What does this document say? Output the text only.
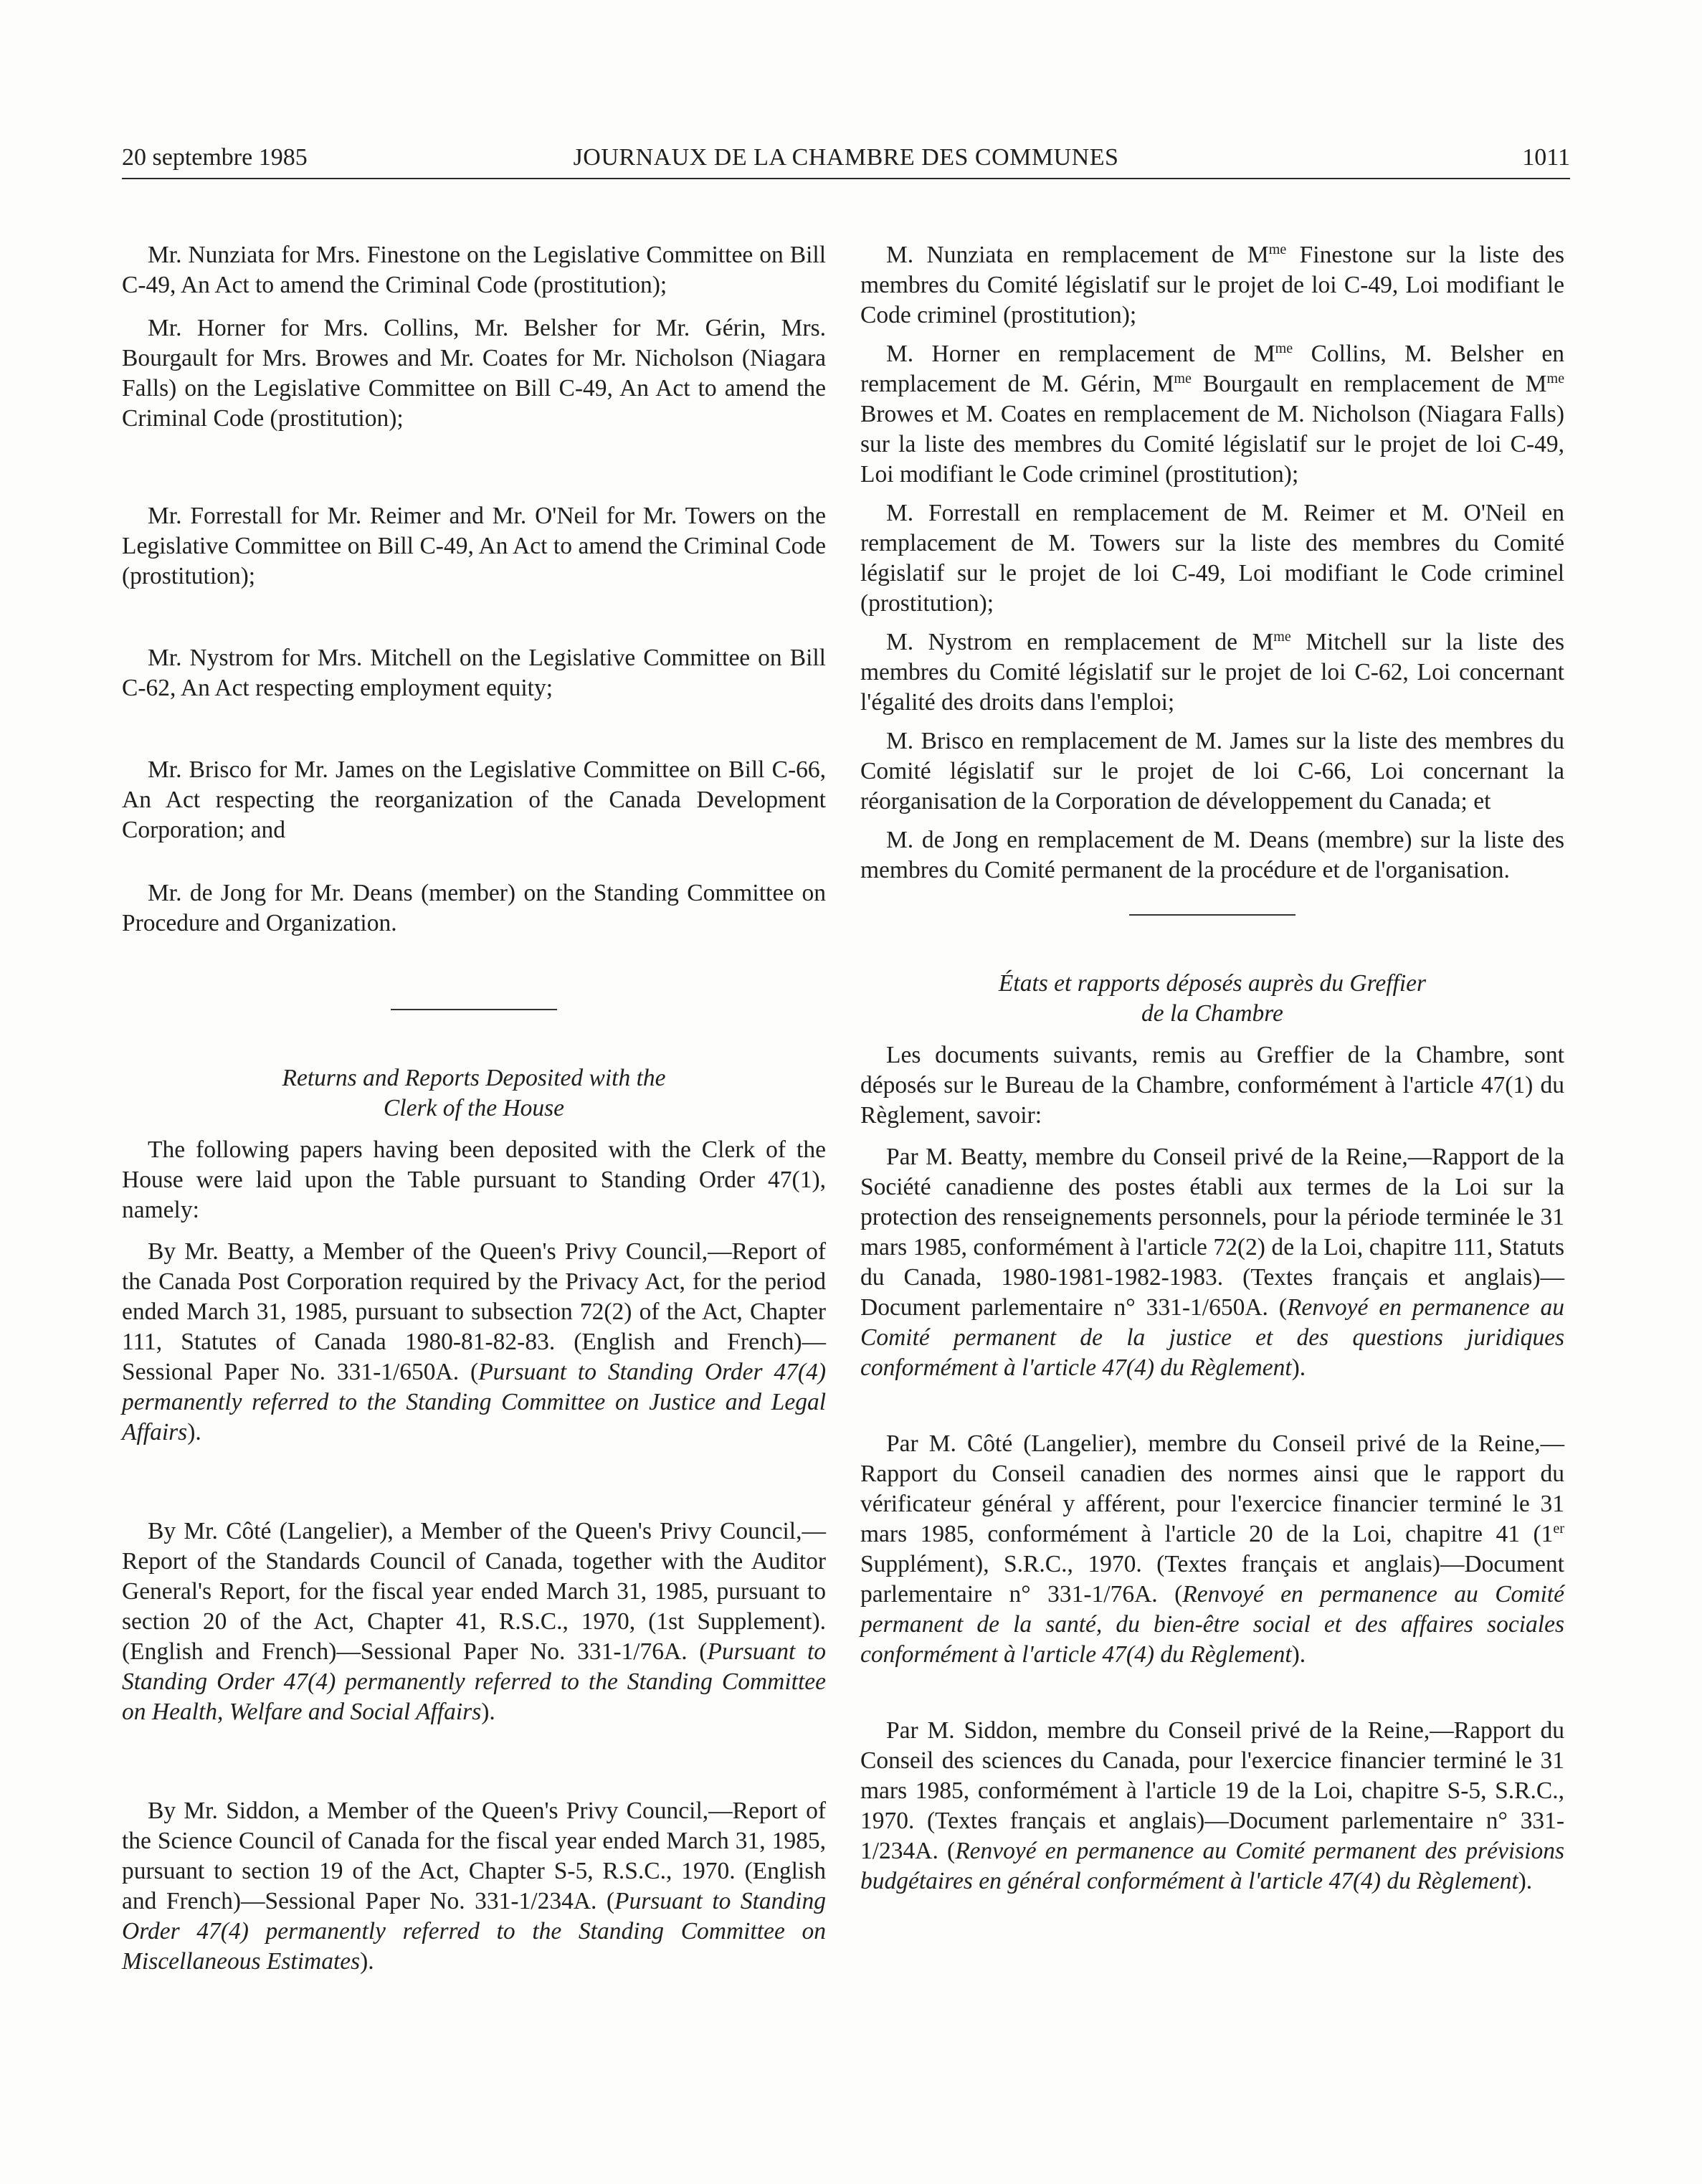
20 septembre 1985	JOURNAUX DE LA CHAMBRE DES COMMUNES	1011

Mr. Nunziata for Mrs. Finestone on the Legislative Committee on Bill C-49, An Act to amend the Criminal Code (prostitution);

Mr. Horner for Mrs. Collins, Mr. Belsher for Mr. Gérin, Mrs. Bourgault for Mrs. Browes and Mr. Coates for Mr. Nicholson (Niagara Falls) on the Legislative Committee on Bill C-49, An Act to amend the Criminal Code (prostitution);

Mr. Forrestall for Mr. Reimer and Mr. O'Neil for Mr. Towers on the Legislative Committee on Bill C-49, An Act to amend the Criminal Code (prostitution);

Mr. Nystrom for Mrs. Mitchell on the Legislative Committee on Bill C-62, An Act respecting employment equity;

Mr. Brisco for Mr. James on the Legislative Committee on Bill C-66, An Act respecting the reorganization of the Canada Development Corporation; and

Mr. de Jong for Mr. Deans (member) on the Standing Committee on Procedure and Organization.

Returns and Reports Deposited with the
Clerk of the House

The following papers having been deposited with the Clerk of the House were laid upon the Table pursuant to Standing Order 47(1), namely:

By Mr. Beatty, a Member of the Queen's Privy Council,—Report of the Canada Post Corporation required by the Privacy Act, for the period ended March 31, 1985, pursuant to subsection 72(2) of the Act, Chapter 111, Statutes of Canada 1980-81-82-83. (English and French)—Sessional Paper No. 331-1/650A. (Pursuant to Standing Order 47(4) permanently referred to the Standing Committee on Justice and Legal Affairs).

By Mr. Côté (Langelier), a Member of the Queen's Privy Council,—Report of the Standards Council of Canada, together with the Auditor General's Report, for the fiscal year ended March 31, 1985, pursuant to section 20 of the Act, Chapter 41, R.S.C., 1970, (1st Supplement). (English and French)—Sessional Paper No. 331-1/76A. (Pursuant to Standing Order 47(4) permanently referred to the Standing Committee on Health, Welfare and Social Affairs).

By Mr. Siddon, a Member of the Queen's Privy Council,—Report of the Science Council of Canada for the fiscal year ended March 31, 1985, pursuant to section 19 of the Act, Chapter S-5, R.S.C., 1970. (English and French)—Sessional Paper No. 331-1/234A. (Pursuant to Standing Order 47(4) permanently referred to the Standing Committee on Miscellaneous Estimates).

M. Nunziata en remplacement de $M^{me}$ Finestone sur la liste des membres du Comité législatif sur le projet de loi C-49, Loi modifiant le Code criminel (prostitution);

M. Horner en remplacement de $M^{me}$ Collins, M. Belsher en remplacement de M. Gérin, $M^{me}$ Bourgault en remplacement de $M^{me}$ Browes et M. Coates en remplacement de M. Nicholson (Niagara Falls) sur la liste des membres du Comité législatif sur le projet de loi C-49, Loi modifiant le Code criminel (prostitution);

M. Forrestall en remplacement de M. Reimer et M. O'Neil en remplacement de M. Towers sur la liste des membres du Comité législatif sur le projet de loi C-49, Loi modifiant le Code criminel (prostitution);

M. Nystrom en remplacement de $M^{me}$ Mitchell sur la liste des membres du Comité législatif sur le projet de loi C-62, Loi concernant l'égalité des droits dans l'emploi;

M. Brisco en remplacement de M. James sur la liste des membres du Comité législatif sur le projet de loi C-66, Loi concernant la réorganisation de la Corporation de développement du Canada; et

M. de Jong en remplacement de M. Deans (membre) sur la liste des membres du Comité permanent de la procédure et de l'organisation.

États et rapports déposés auprès du Greffier
de la Chambre

Les documents suivants, remis au Greffier de la Chambre, sont déposés sur le Bureau de la Chambre, conformément à l'article 47(1) du Règlement, savoir:

Par M. Beatty, membre du Conseil privé de la Reine,—Rapport de la Société canadienne des postes établi aux termes de la Loi sur la protection des renseignements personnels, pour la période terminée le 31 mars 1985, conformément à l'article 72(2) de la Loi, chapitre 111, Statuts du Canada, 1980-1981-1982-1983. (Textes français et anglais)—Document parlementaire n° 331-1/650A. (Renvoyé en permanence au Comité permanent de la justice et des questions juridiques conformément à l'article 47(4) du Règlement).

Par M. Côté (Langelier), membre du Conseil privé de la Reine,—Rapport du Conseil canadien des normes ainsi que le rapport du vérificateur général y afférent, pour l'exercice financier terminé le 31 mars 1985, conformément à l'article 20 de la Loi, chapitre 41 (1er Supplément), S.R.C., 1970. (Textes français et anglais)—Document parlementaire n° 331-1/76A. (Renvoyé en permanence au Comité permanent de la santé, du bien-être social et des affaires sociales conformément à l'article 47(4) du Règlement).

Par M. Siddon, membre du Conseil privé de la Reine,—Rapport du Conseil des sciences du Canada, pour l'exercice financier terminé le 31 mars 1985, conformément à l'article 19 de la Loi, chapitre S-5, S.R.C., 1970. (Textes français et anglais)—Document parlementaire n° 331-1/234A. (Renvoyé en permanence au Comité permanent des prévisions budgétaires en général conformément à l'article 47(4) du Règlement).
